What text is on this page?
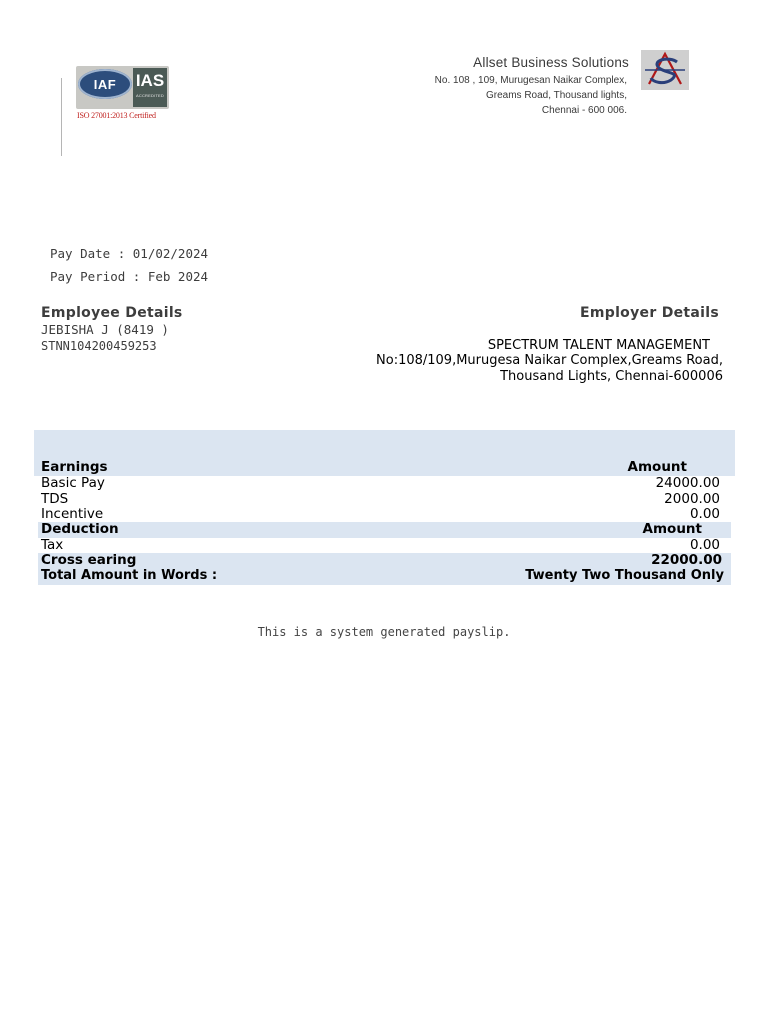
IAF IAS
ACCREDITED
ISO 27001:2013 Certified
Allset Business Solutions
No. 108 , 109, Murugesan Naikar Complex,
Greams Road, Thousand lights,
Chennai - 600 006.
Pay Date : 01/02/2024
Pay Period : Feb 2024
Employee Details
JEBISHA J (8419 )
STNN104200459253
Employer Details
SPECTRUM TALENT MANAGEMENT
No:108/109,Murugesa Naikar Complex,Greams Road,
Thousand Lights, Chennai-600006
Earnings	Amount
Basic Pay	24000.00
TDS	2000.00
Incentive	0.00
Deduction	Amount
Tax	0.00
Cross earing	22000.00
Total Amount in Words :	Twenty Two Thousand Only
This is a system generated payslip.
